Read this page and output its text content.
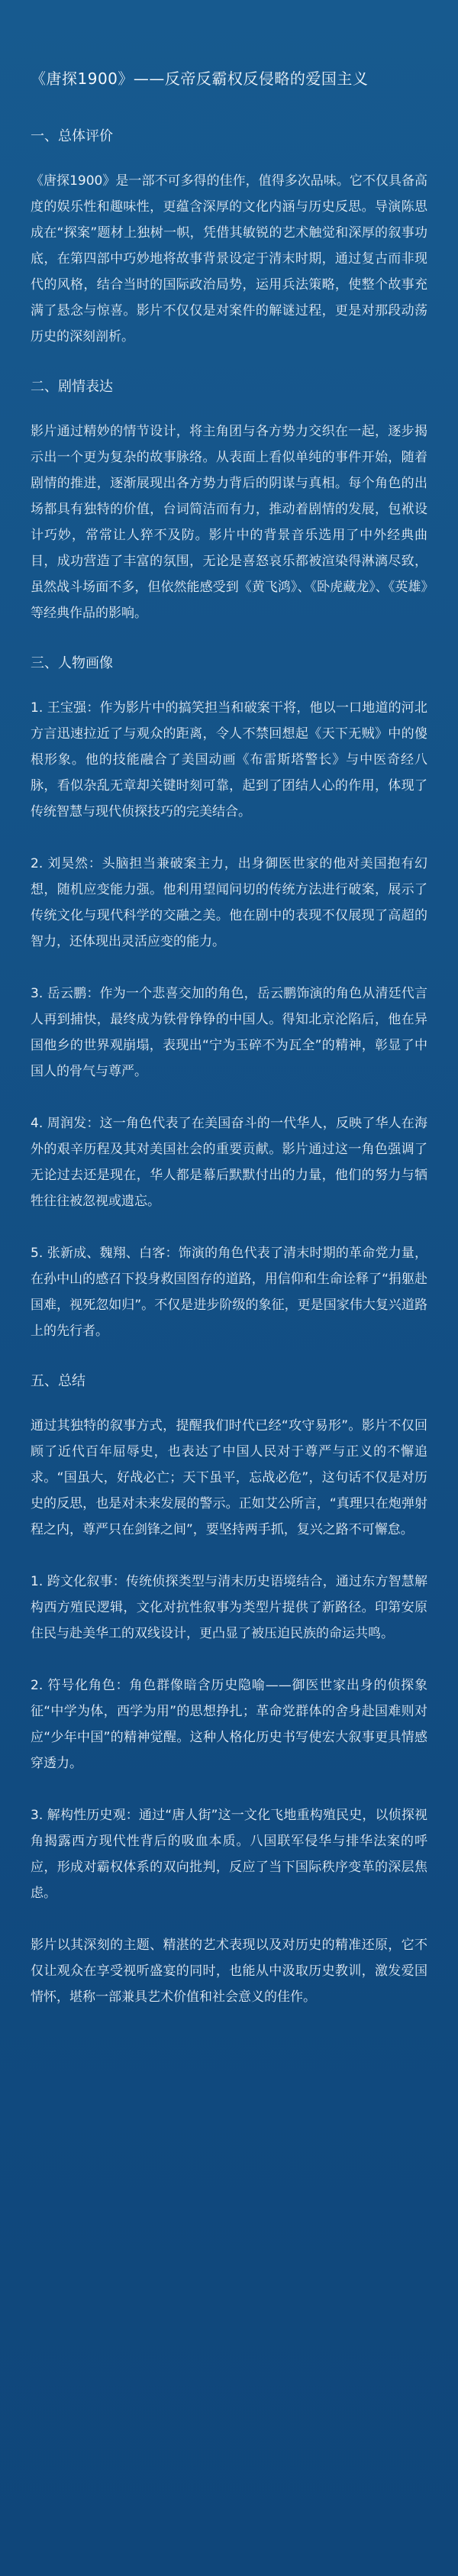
《唐探1900》——反帝反霸权反侵略的爱国主义
一、总体评价

《唐探1900》是一部不可多得的佳作，值得多次品味。它不仅具备高度的娱乐性和趣味性，更蕴含深厚的文化内涵与历史反思。导演陈思成在“探案”题材上独树一帜，凭借其敏锐的艺术触觉和深厚的叙事功底，在第四部中巧妙地将故事背景设定于清末时期，通过复古而非现代的风格，结合当时的国际政治局势，运用兵法策略，使整个故事充满了悬念与惊喜。影片不仅仅是对案件的解谜过程，更是对那段动荡历史的深刻剖析。

二、剧情表达

影片通过精妙的情节设计，将主角团与各方势力交织在一起，逐步揭示出一个更为复杂的故事脉络。从表面上看似单纯的事件开始，随着剧情的推进，逐渐展现出各方势力背后的阴谋与真相。每个角色的出场都具有独特的价值，台词简洁而有力，推动着剧情的发展，包袱设计巧妙，常常让人猝不及防。影片中的背景音乐选用了中外经典曲目，成功营造了丰富的氛围，无论是喜怒哀乐都被渲染得淋漓尽致，虽然战斗场面不多，但依然能感受到《黄飞鸿》、《卧虎藏龙》、《英雄》等经典作品的影响。

三、人物画像

1. 王宝强：作为影片中的搞笑担当和破案干将，他以一口地道的河北方言迅速拉近了与观众的距离，令人不禁回想起《天下无贼》中的傻根形象。他的技能融合了美国动画《布雷斯塔警长》与中医奇经八脉，看似杂乱无章却关键时刻可靠，起到了团结人心的作用，体现了传统智慧与现代侦探技巧的完美结合。

2. 刘昊然：头脑担当兼破案主力，出身御医世家的他对美国抱有幻想，随机应变能力强。他利用望闻问切的传统方法进行破案，展示了传统文化与现代科学的交融之美。他在剧中的表现不仅展现了高超的智力，还体现出灵活应变的能力。

3. 岳云鹏：作为一个悲喜交加的角色，岳云鹏饰演的角色从清廷代言人再到捕快，最终成为铁骨铮铮的中国人。得知北京沦陷后，他在异国他乡的世界观崩塌，表现出“宁为玉碎不为瓦全”的精神，彰显了中国人的骨气与尊严。

4. 周润发：这一角色代表了在美国奋斗的一代华人，反映了华人在海外的艰辛历程及其对美国社会的重要贡献。影片通过这一角色强调了无论过去还是现在，华人都是幕后默默付出的力量，他们的努力与牺牲往往被忽视或遗忘。

5. 张新成、魏翔、白客：饰演的角色代表了清末时期的革命党力量，在孙中山的感召下投身救国图存的道路，用信仰和生命诠释了“捐躯赴国难，视死忽如归”。不仅是进步阶级的象征，更是国家伟大复兴道路上的先行者。

五、总结

通过其独特的叙事方式，提醒我们时代已经“攻守易形”。影片不仅回顾了近代百年屈辱史，也表达了中国人民对于尊严与正义的不懈追求。“国虽大，好战必亡；天下虽平，忘战必危”，这句话不仅是对历史的反思，也是对未来发展的警示。正如艾公所言，“真理只在炮弹射程之内，尊严只在剑锋之间”，要坚持两手抓，复兴之路不可懈怠。

1. 跨文化叙事：传统侦探类型与清末历史语境结合，通过东方智慧解构西方殖民逻辑，文化对抗性叙事为类型片提供了新路径。印第安原住民与赴美华工的双线设计，更凸显了被压迫民族的命运共鸣。

2. 符号化角色：角色群像暗含历史隐喻——御医世家出身的侦探象征“中学为体，西学为用”的思想挣扎；革命党群体的舍身赴国难则对应“少年中国”的精神觉醒。这种人格化历史书写使宏大叙事更具情感穿透力。

3. 解构性历史观：通过“唐人街”这一文化飞地重构殖民史，以侦探视角揭露西方现代性背后的吸血本质。八国联军侵华与排华法案的呼应，形成对霸权体系的双向批判，反应了当下国际秩序变革的深层焦虑。

影片以其深刻的主题、精湛的艺术表现以及对历史的精准还原，它不仅让观众在享受视听盛宴的同时，也能从中汲取历史教训，激发爱国情怀，堪称一部兼具艺术价值和社会意义的佳作。
